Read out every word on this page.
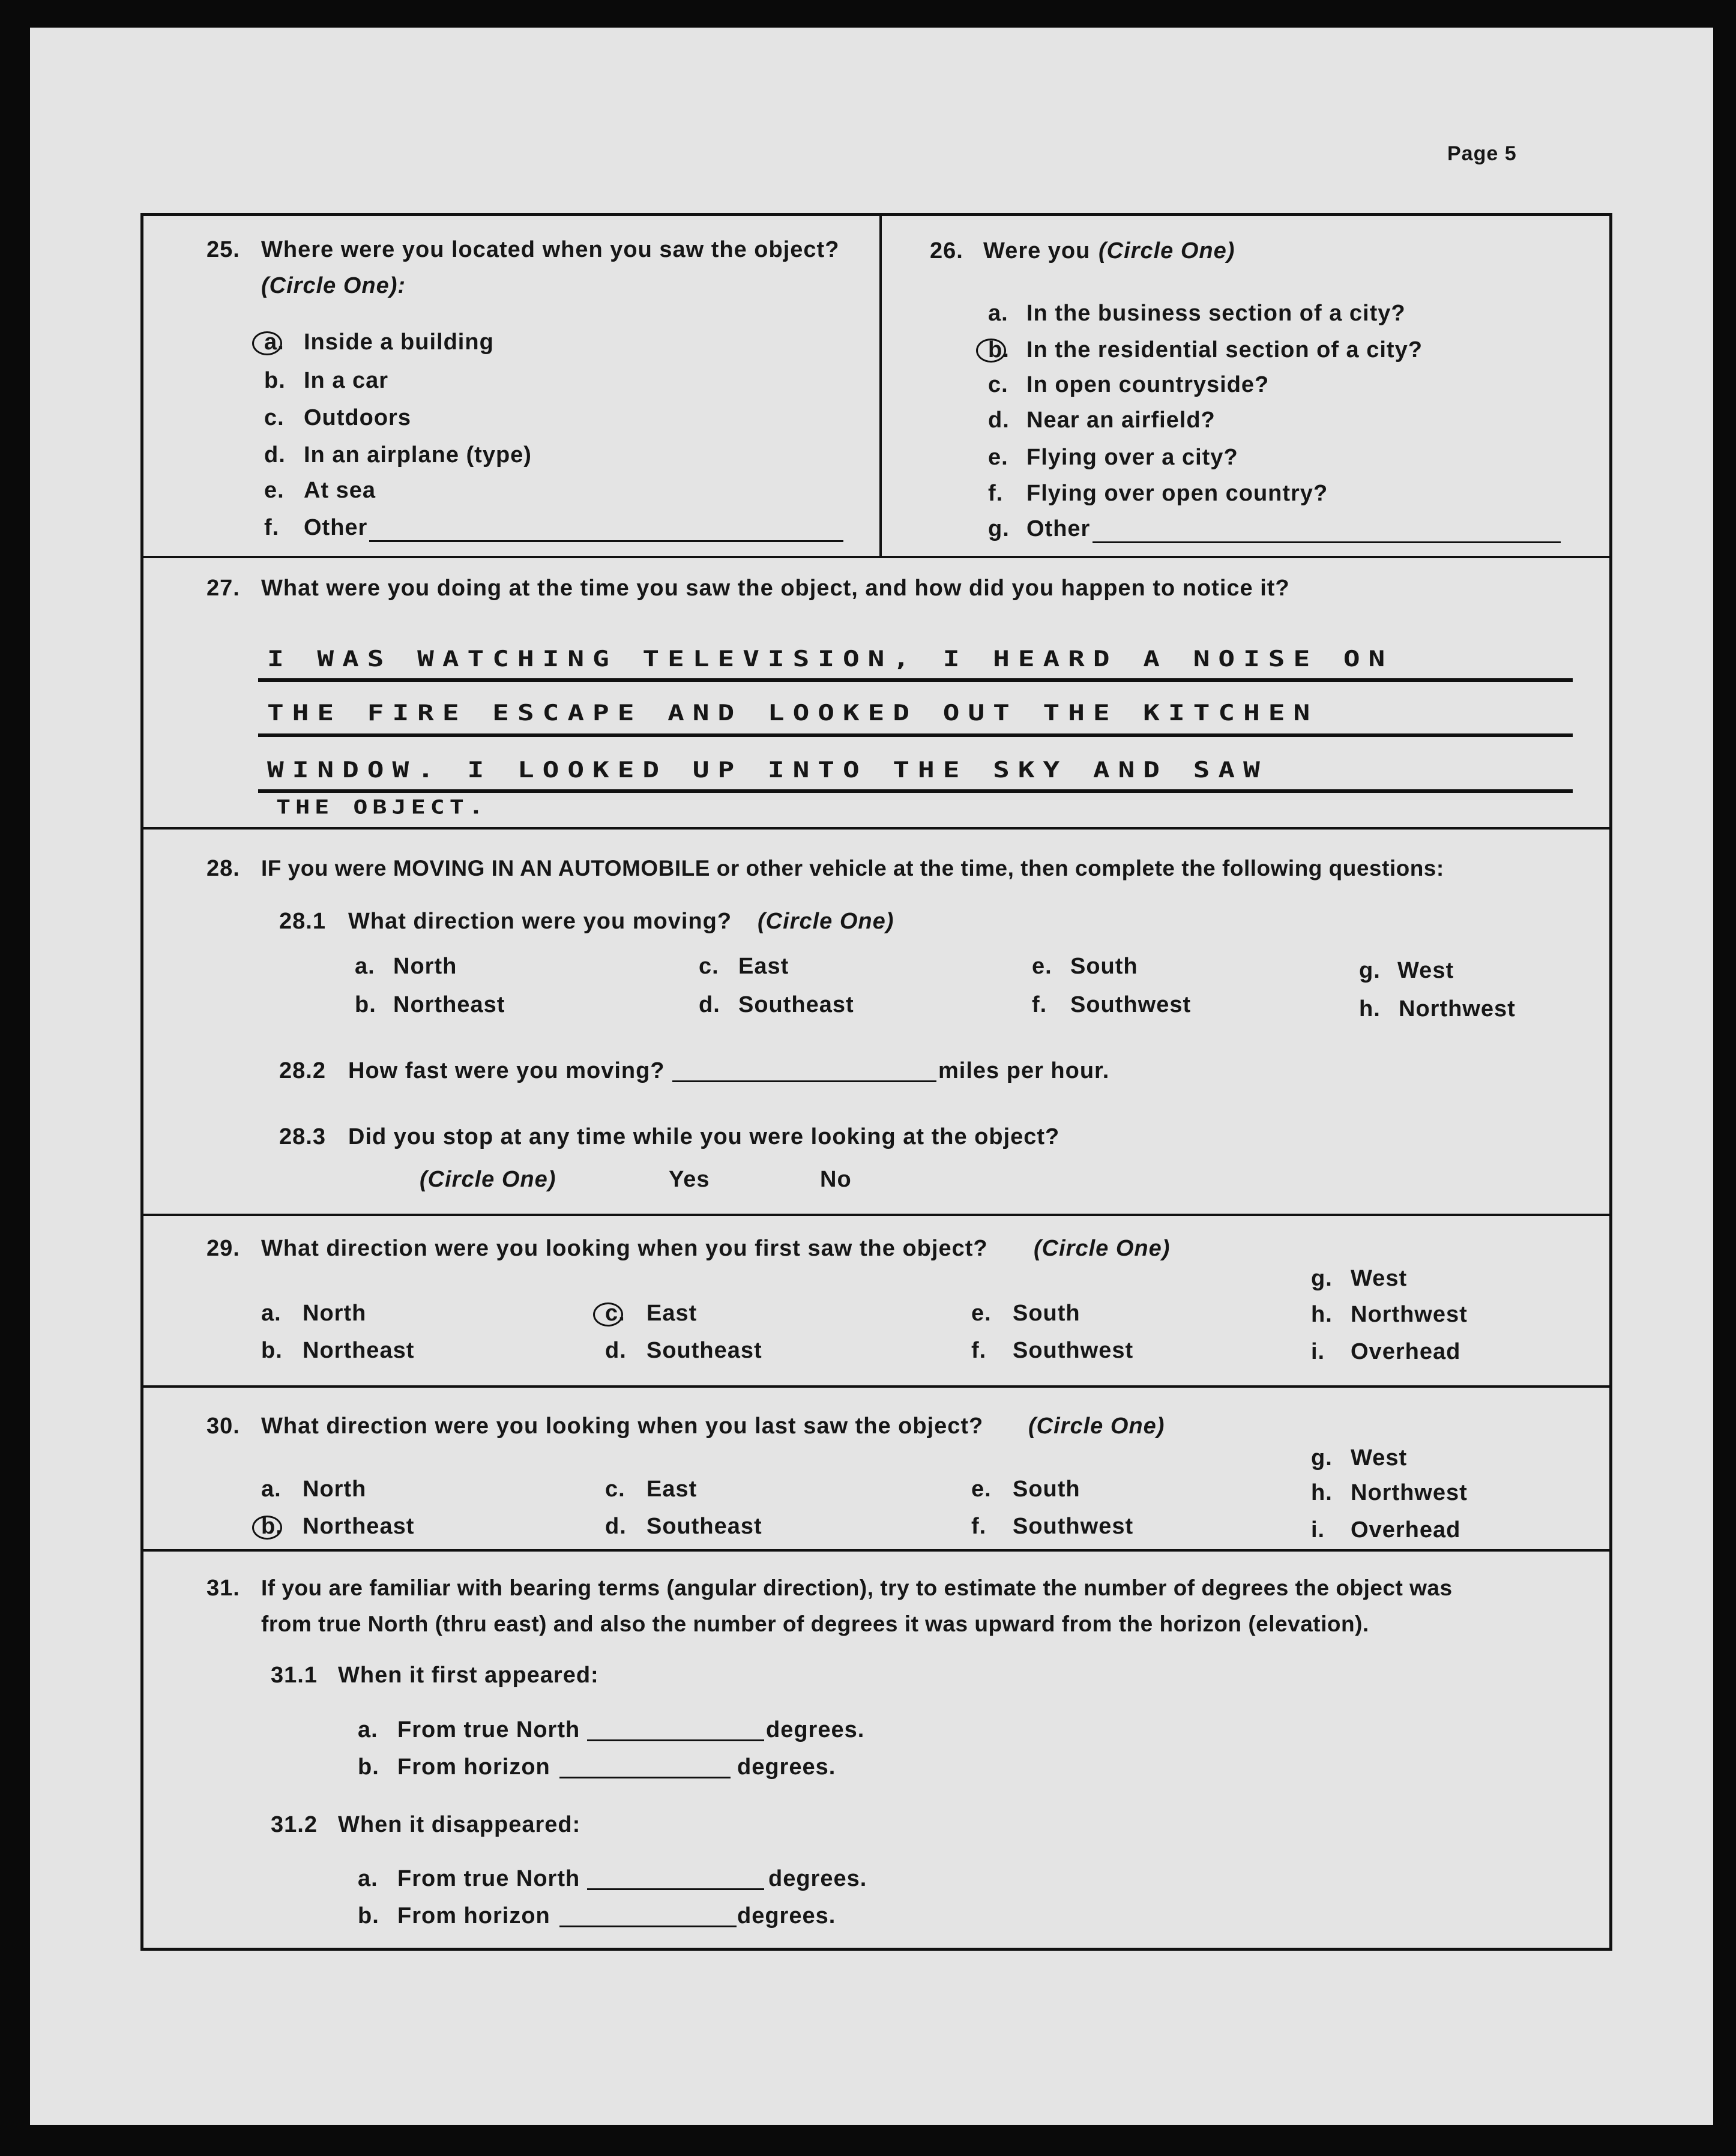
Page 5
25. Where were you located when you saw the object?
(Circle One):
a. Inside a building
b. In a car
c. Outdoors
d. In an airplane (type)
e. At sea
f. Other
26. Were you (Circle One)
a. In the business section of a city?
b. In the residential section of a city?
c. In open countryside?
d. Near an airfield?
e. Flying over a city?
f. Flying over open country?
g. Other
27. What were you doing at the time you saw the object, and how did you happen to notice it?
I WAS WATCHING TELEVISION, I HEARD A NOISE ON
THE FIRE ESCAPE AND LOOKED OUT THE KITCHEN
WINDOW. I LOOKED UP INTO THE SKY AND SAW
THE OBJECT.
28. IF you were MOVING IN AN AUTOMOBILE or other vehicle at the time, then complete the following questions:
28.1 What direction were you moving? (Circle One)
a. North
b. Northeast
c. East
d. Southeast
e. South
f. Southwest
g. West
h. Northwest
28.2 How fast were you moving?	miles per hour.
28.3 Did you stop at any time while you were looking at the object?
(Circle One)	Yes	No
29. What direction were you looking when you first saw the object? (Circle One)
a. North
b. Northeast
c. East
d. Southeast
e. South
f. Southwest
g. West
h. Northwest
i. Overhead
30. What direction were you looking when you last saw the object? (Circle One)
a. North
b. Northeast
c. East
d. Southeast
e. South
f. Southwest
g. West
h. Northwest
i. Overhead
31. If you are familiar with bearing terms (angular direction), try to estimate the number of degrees the object was
from true North (thru east) and also the number of degrees it was upward from the horizon (elevation).
31.1 When it first appeared:
a. From true North	degrees.
b. From horizon	degrees.
31.2 When it disappeared:
a. From true North	degrees.
b. From horizon	degrees.
